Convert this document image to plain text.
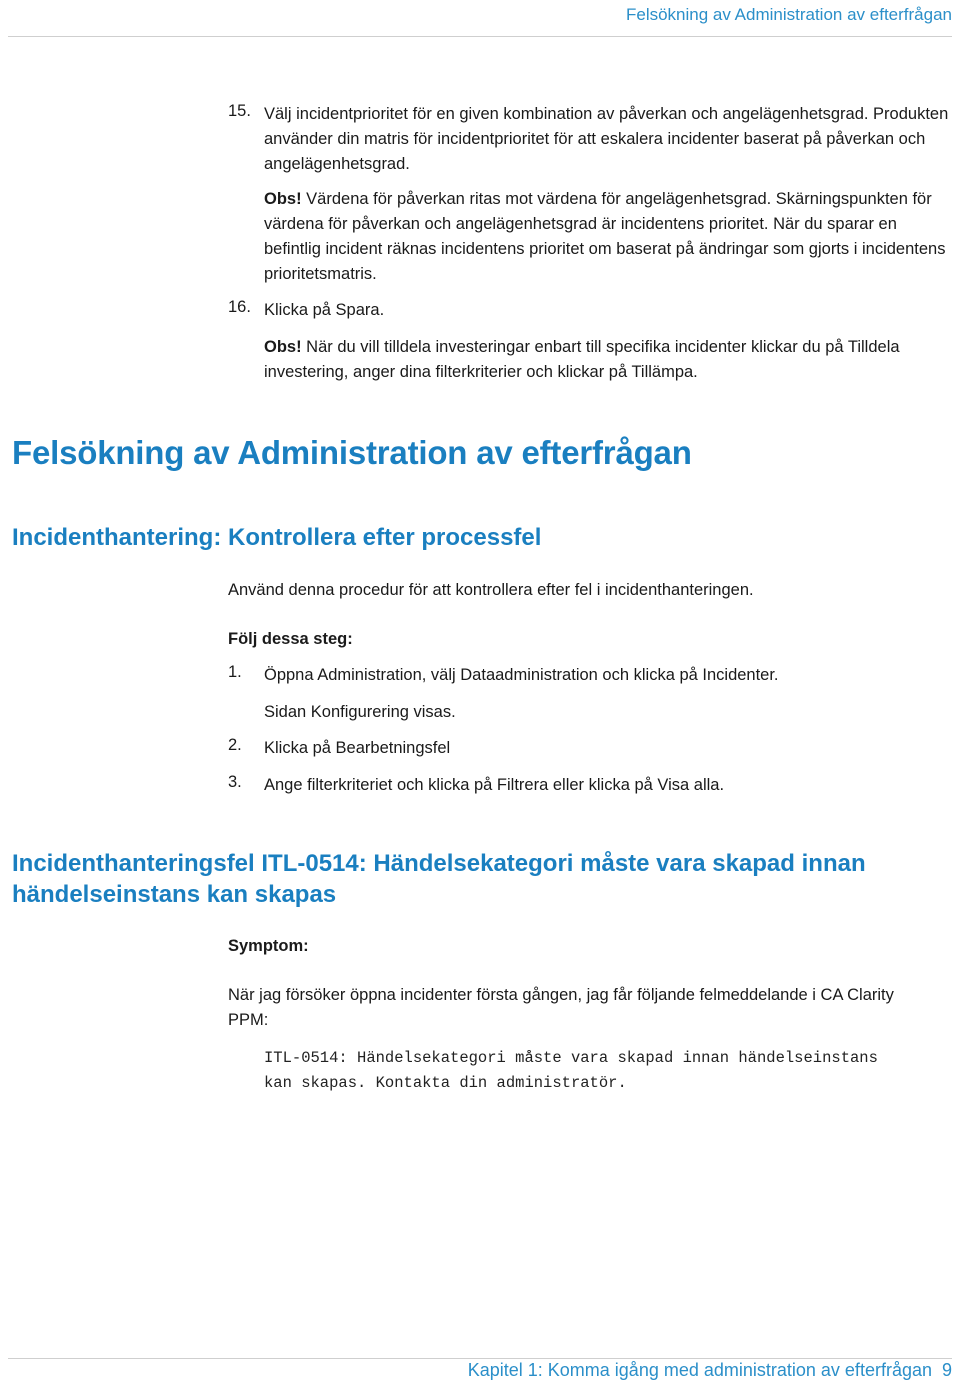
Felsökning av Administration av efterfrågan
15. Välj incidentprioritet för en given kombination av påverkan och angelägenhetsgrad. Produkten använder din matris för incidentprioritet för att eskalera incidenter baserat på påverkan och angelägenhetsgrad.
Obs! Värdena för påverkan ritas mot värdena för angelägenhetsgrad. Skärningspunkten för värdena för påverkan och angelägenhetsgrad är incidentens prioritet. När du sparar en befintlig incident räknas incidentens prioritet om baserat på ändringar som gjorts i incidentens prioritetsmatris.
16. Klicka på Spara.
Obs! När du vill tilldela investeringar enbart till specifika incidenter klickar du på Tilldela investering, anger dina filterkriterier och klickar på Tillämpa.
Felsökning av Administration av efterfrågan
Incidenthantering: Kontrollera efter processfel
Använd denna procedur för att kontrollera efter fel i incidenthanteringen.
Följ dessa steg:
1. Öppna Administration, välj Dataadministration och klicka på Incidenter.
Sidan Konfigurering visas.
2. Klicka på Bearbetningsfel
3. Ange filterkriteriet och klicka på Filtrera eller klicka på Visa alla.
Incidenthanteringsfel ITL-0514: Händelsekategori måste vara skapad innan händelseinstans kan skapas
Symptom:
När jag försöker öppna incidenter första gången, jag får följande felmeddelande i CA Clarity PPM:
ITL-0514: Händelsekategori måste vara skapad innan händelseinstans kan skapas. Kontakta din administratör.
Kapitel 1: Komma igång med administration av efterfrågan 9
